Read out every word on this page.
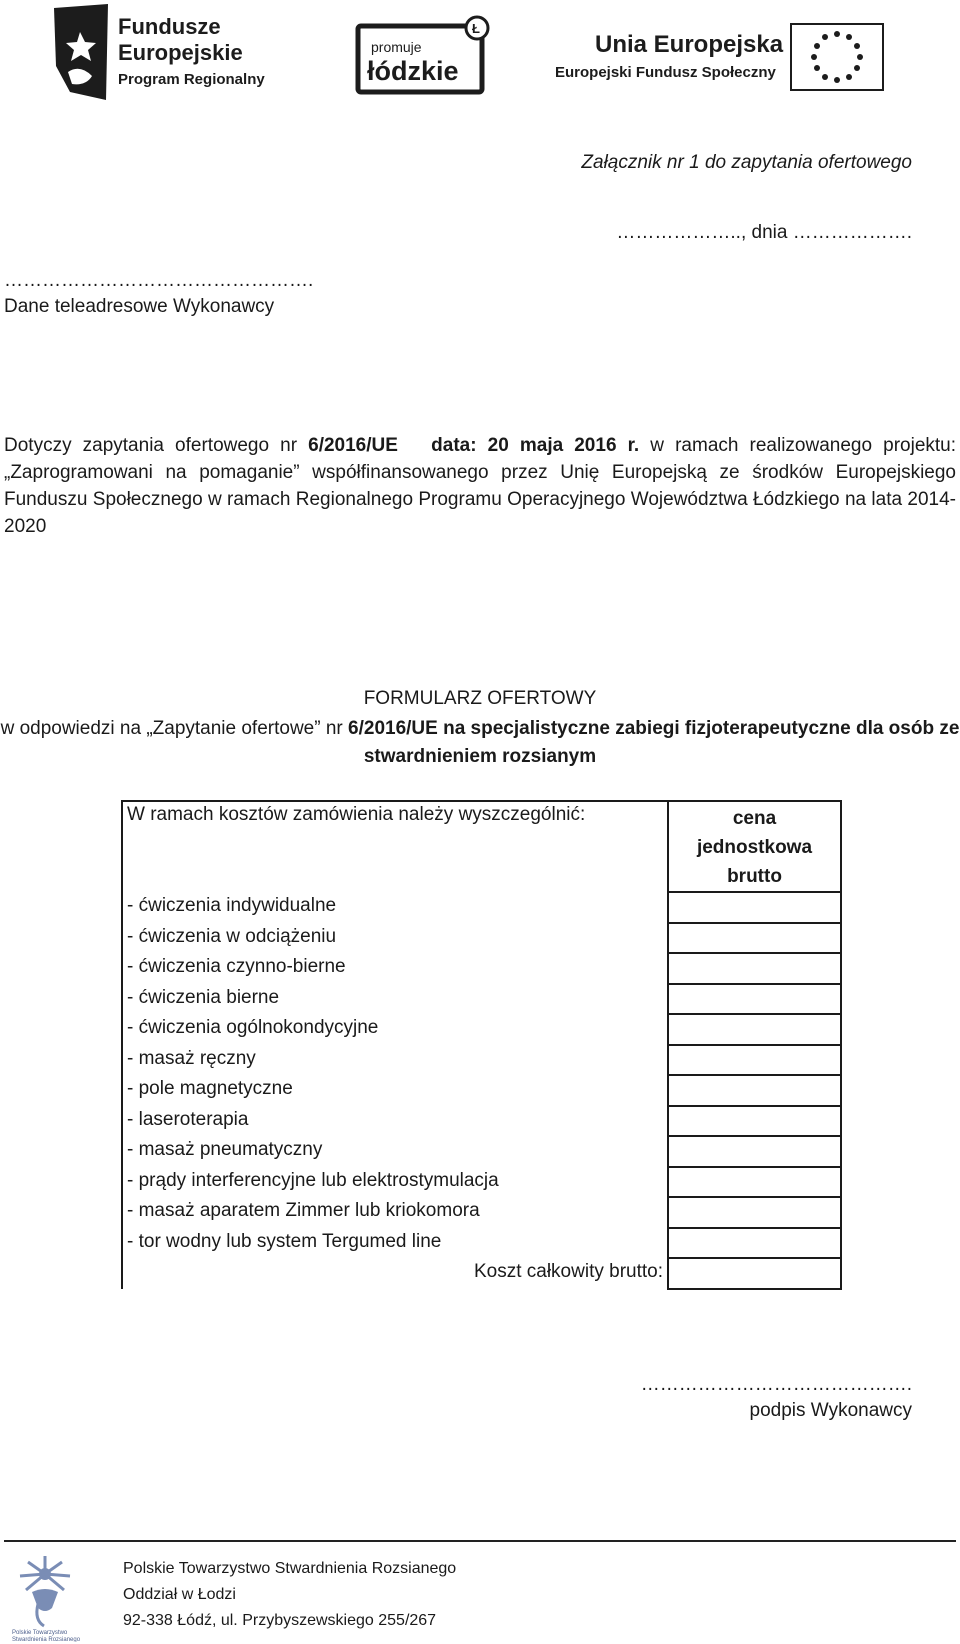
Fundusze
Europejskie
Program Regionalny
Ł
promuje
łódzkie
Unia Europejska
Europejski Fundusz Społeczny
Załącznik nr 1 do zapytania ofertowego
……………….., dnia ……………….
………………………………………….
Dane teleadresowe Wykonawcy
Dotyczy zapytania ofertowego nr 6/2016/UE data: 20 maja 2016 r. w ramach realizowanego projektu: „Zaprogramowani na pomaganie” współfinansowanego przez Unię Europejską ze środków Europejskiego Funduszu Społecznego w ramach Regionalnego Programu Operacyjnego Województwa Łódzkiego na lata 2014-2020
FORMULARZ OFERTOWY
w odpowiedzi na „Zapytanie ofertowe” nr 6/2016/UE na specjalistyczne zabiegi fizjoterapeutyczne dla osób ze stwardnieniem rozsianym
W ramach kosztów zamówienia należy wyszczególnić:	cena
jednostkowa
brutto

- ćwiczenia indywidualne	
- ćwiczenia w odciążeniu	
- ćwiczenia czynno-bierne	
- ćwiczenia bierne	
- ćwiczenia ogólnokondycyjne	
- masaż ręczny	
- pole magnetyczne	
- laseroterapia	
- masaż pneumatyczny	
- prądy interferencyjne lub elektrostymulacja	
- masaż aparatem Zimmer lub kriokomora	
- tor wodny lub system Tergumed line	
Koszt całkowity brutto:	
…………………………………….
podpis Wykonawcy
Polskie Towarzystwo
Stwardnienia Rozsianego
Polskie Towarzystwo Stwardnienia Rozsianego
Oddział w Łodzi
92-338 Łódź, ul. Przybyszewskiego 255/267
